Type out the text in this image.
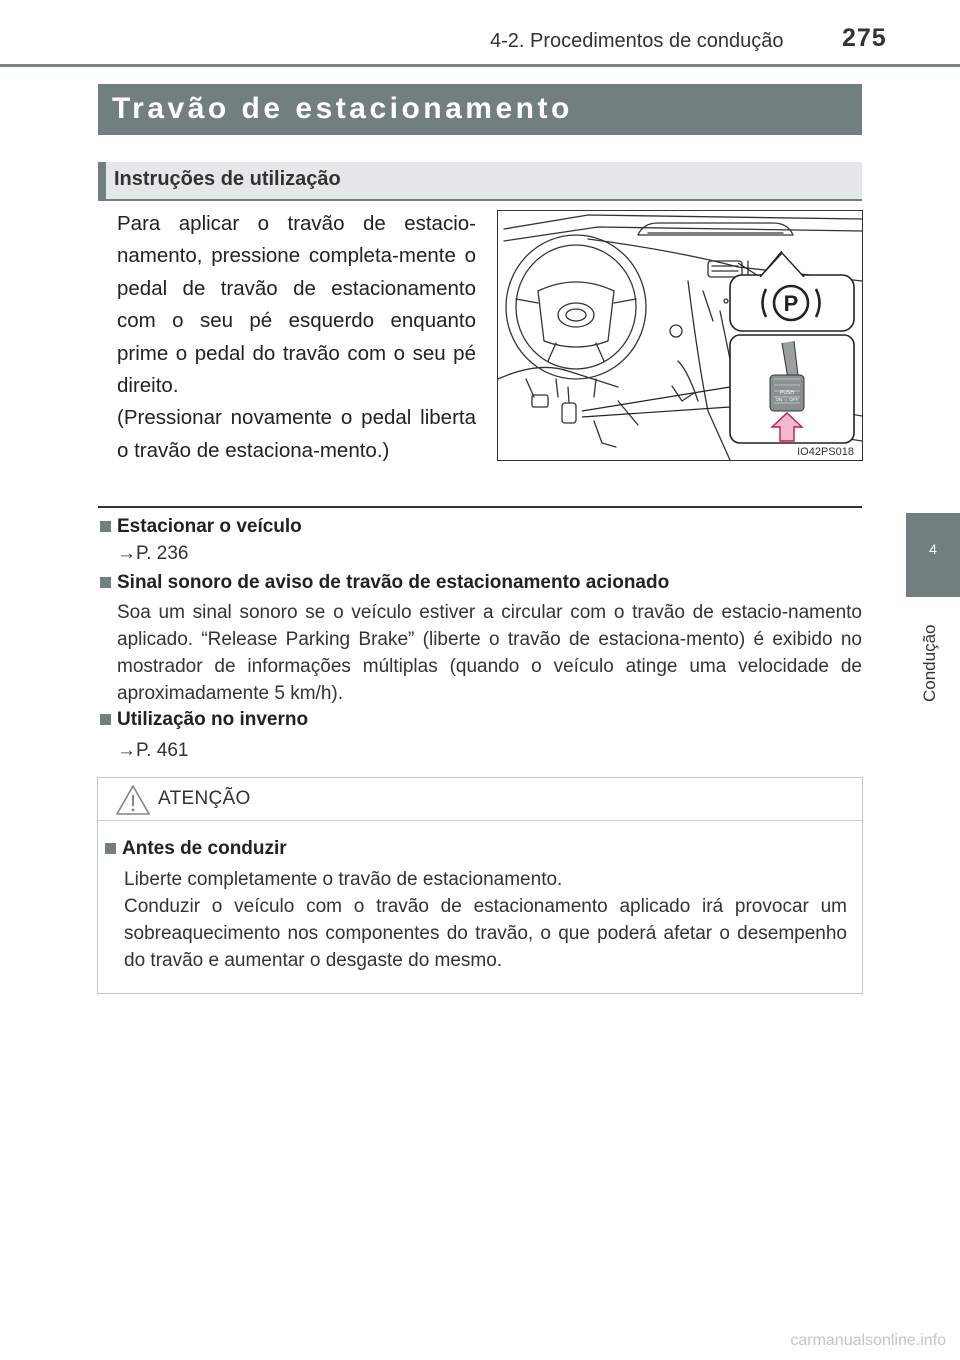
4-2. Procedimentos de condução 275
4
Condução
Travão de estacionamento
Instruções de utilização

Para aplicar o travão de estacio-namento, pressione completa-mente o pedal de travão de estacionamento com o seu pé esquerdo enquanto prime o pedal do travão com o seu pé direito.

(Pressionar novamente o pedal liberta o travão de estaciona-mento.)

P
PUSH
ON ⇔ OFF
IO42PS018
Estacionar o veículo
→P. 236
Sinal sonoro de aviso de travão de estacionamento acionado

Soa um sinal sonoro se o veículo estiver a circular com o travão de estacio-namento aplicado. “Release Parking Brake” (liberte o travão de estaciona-mento) é exibido no mostrador de informações múltiplas (quando o veículo atinge uma velocidade de aproximadamente 5 km/h).

Utilização no inverno
→P. 461
ATENÇÃO
Antes de conduzir

Liberte completamente o travão de estacionamento.

Conduzir o veículo com o travão de estacionamento aplicado irá provocar um sobreaquecimento nos componentes do travão, o que poderá afetar o desempenho do travão e aumentar o desgaste do mesmo.

carmanualsonline.info
